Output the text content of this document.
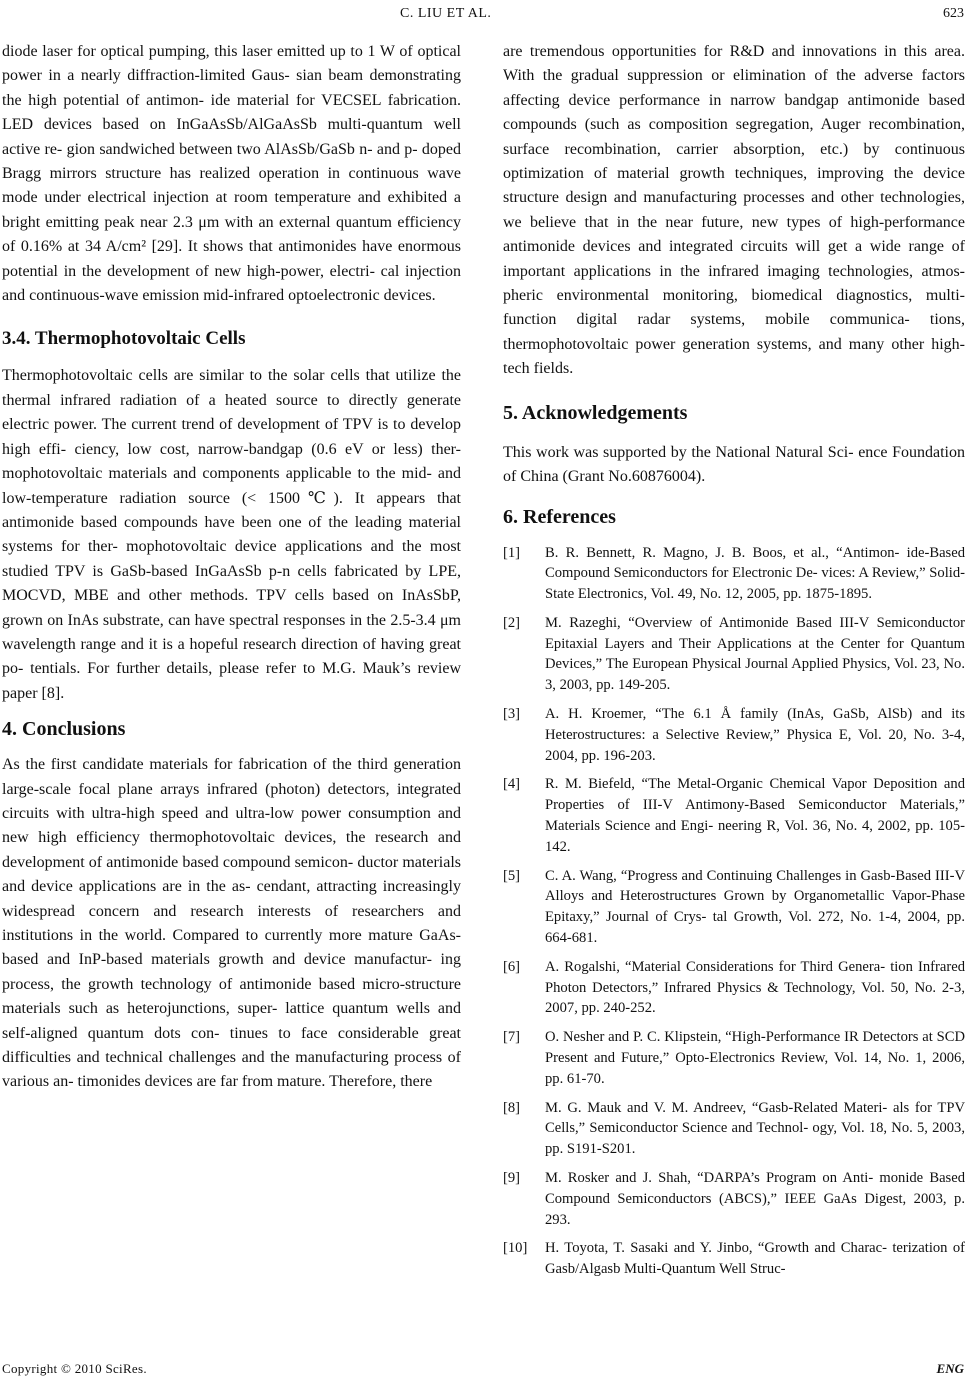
C. LIU ET AL.	623

diode laser for optical pumping, this laser emitted up to 1 W of optical power in a nearly diffraction-limited Gaus- sian beam demonstrating the high potential of antimon- ide material for VECSEL fabrication. LED devices based on InGaAsSb/AlGaAsSb multi-quantum well active re- gion sandwiched between two AlAsSb/GaSb n- and p- doped Bragg mirrors structure has realized operation in continuous wave mode under electrical injection at room temperature and exhibited a bright emitting peak near 2.3 μm with an external quantum efficiency of 0.16% at 34 A/cm² [29]. It shows that antimonides have enormous potential in the development of new high-power, electri- cal injection and continuous-wave emission mid-infrared optoelectronic devices.

3.4. Thermophotovoltaic Cells

Thermophotovoltaic cells are similar to the solar cells that utilize the thermal infrared radiation of a heated source to directly generate electric power. The current trend of development of TPV is to develop high effi- ciency, low cost, narrow-bandgap (0.6 eV or less) ther- mophotovoltaic materials and components applicable to the mid- and low-temperature radiation source (< 1500℃). It appears that antimonide based compounds have been one of the leading material systems for ther- mophotovoltaic device applications and the most studied TPV is GaSb-based InGaAsSb p-n cells fabricated by LPE, MOCVD, MBE and other methods. TPV cells based on InAsSbP, grown on InAs substrate, can have spectral responses in the 2.5-3.4 μm wavelength range and it is a hopeful research direction of having great po- tentials. For further details, please refer to M.G. Mauk’s review paper [8].

4. Conclusions

As the first candidate materials for fabrication of the third generation large-scale focal plane arrays infrared (photon) detectors, integrated circuits with ultra-high speed and ultra-low power consumption and new high efficiency thermophotovoltaic devices, the research and development of antimonide based compound semicon- ductor materials and device applications are in the as- cendant, attracting increasingly widespread concern and research interests of researchers and institutions in the world. Compared to currently more mature GaAs-based and InP-based materials growth and device manufactur- ing process, the growth technology of antimonide based micro-structure materials such as heterojunctions, super- lattice quantum wells and self-aligned quantum dots con- tinues to face considerable great difficulties and technical challenges and the manufacturing process of various an- timonides devices are far from mature. Therefore, there

are tremendous opportunities for R&D and innovations in this area. With the gradual suppression or elimination of the adverse factors affecting device performance in narrow bandgap antimonide based compounds (such as composition segregation, Auger recombination, surface recombination, carrier absorption, etc.) by continuous optimization of material growth techniques, improving the device structure design and manufacturing processes and other technologies, we believe that in the near future, new types of high-performance antimonide devices and integrated circuits will get a wide range of important applications in the infrared imaging technologies, atmos- pheric environmental monitoring, biomedical diagnostics, multi-function digital radar systems, mobile communica- tions, thermophotovoltaic power generation systems, and many other high-tech fields.

5. Acknowledgements

This work was supported by the National Natural Sci- ence Foundation of China (Grant No.60876004).

6. References
[1] B. R. Bennett, R. Magno, J. B. Boos, et al., “Antimon- ide-Based Compound Semiconductors for Electronic De- vices: A Review,” Solid-State Electronics, Vol. 49, No. 12, 2005, pp. 1875-1895.
[2] M. Razeghi, “Overview of Antimonide Based III-V Semiconductor Epitaxial Layers and Their Applications at the Center for Quantum Devices,” The European Physical Journal Applied Physics, Vol. 23, No. 3, 2003, pp. 149-205.
[3] A. H. Kroemer, “The 6.1 Å family (InAs, GaSb, AlSb) and its Heterostructures: a Selective Review,” Physica E, Vol. 20, No. 3-4, 2004, pp. 196-203.
[4] R. M. Biefeld, “The Metal-Organic Chemical Vapor Deposition and Properties of III-V Antimony-Based Semiconductor Materials,” Materials Science and Engi- neering R, Vol. 36, No. 4, 2002, pp. 105-142.
[5] C. A. Wang, “Progress and Continuing Challenges in Gasb-Based III-V Alloys and Heterostructures Grown by Organometallic Vapor-Phase Epitaxy,” Journal of Crys- tal Growth, Vol. 272, No. 1-4, 2004, pp. 664-681.
[6] A. Rogalshi, “Material Considerations for Third Genera- tion Infrared Photon Detectors,” Infrared Physics & Technology, Vol. 50, No. 2-3, 2007, pp. 240-252.
[7] O. Nesher and P. C. Klipstein, “High-Performance IR Detectors at SCD Present and Future,” Opto-Electronics Review, Vol. 14, No. 1, 2006, pp. 61-70.
[8] M. G. Mauk and V. M. Andreev, “Gasb-Related Materi- als for TPV Cells,” Semiconductor Science and Technol- ogy, Vol. 18, No. 5, 2003, pp. S191-S201.
[9] M. Rosker and J. Shah, “DARPA’s Program on Anti- monide Based Compound Semiconductors (ABCS),” IEEE GaAs Digest, 2003, p. 293.
[10] H. Toyota, T. Sasaki and Y. Jinbo, “Growth and Charac- terization of Gasb/Algasb Multi-Quantum Well Struc-
Copyright © 2010 SciRes.	ENG
